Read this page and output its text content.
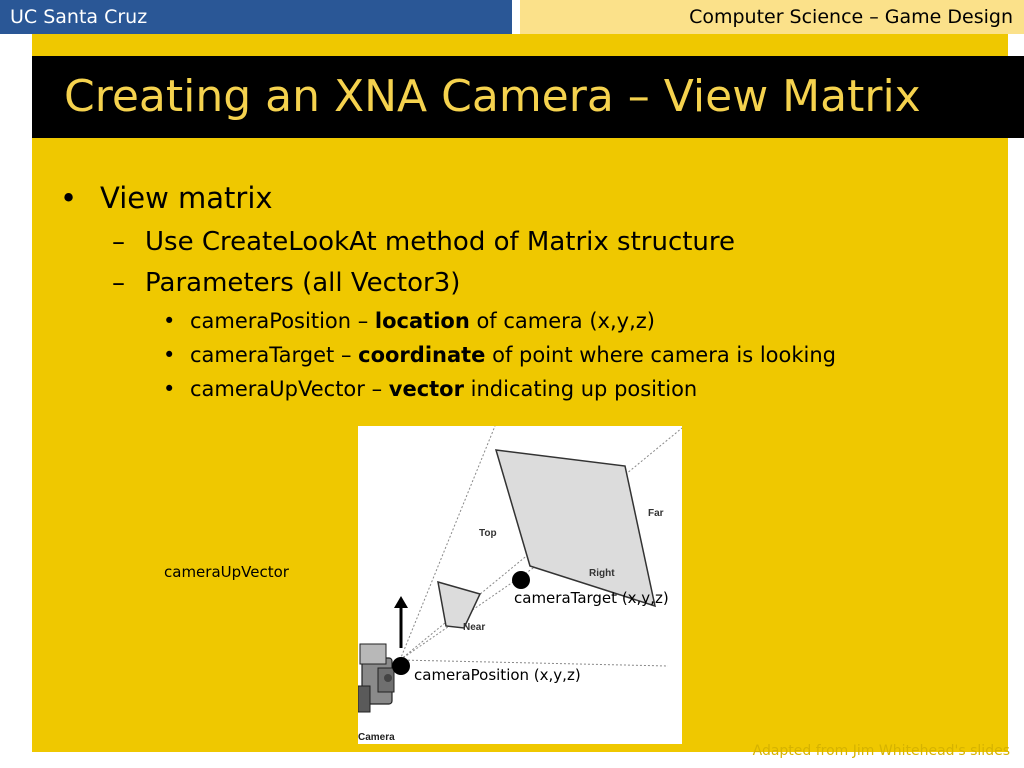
UC Santa Cruz	Computer Science – Game Design
Creating an XNA Camera – View Matrix
• View matrix
– Use CreateLookAt method of Matrix structure
– Parameters (all Vector3)
• cameraPosition – location of camera (x,y,z)
• cameraTarget – coordinate of point where camera is looking
• cameraUpVector – vector indicating up position
Far
Top
Right
Near
Camera
cameraUpVector
cameraTarget (x,y,z)
cameraPosition (x,y,z)
Adapted from Jim Whitehead's slides
